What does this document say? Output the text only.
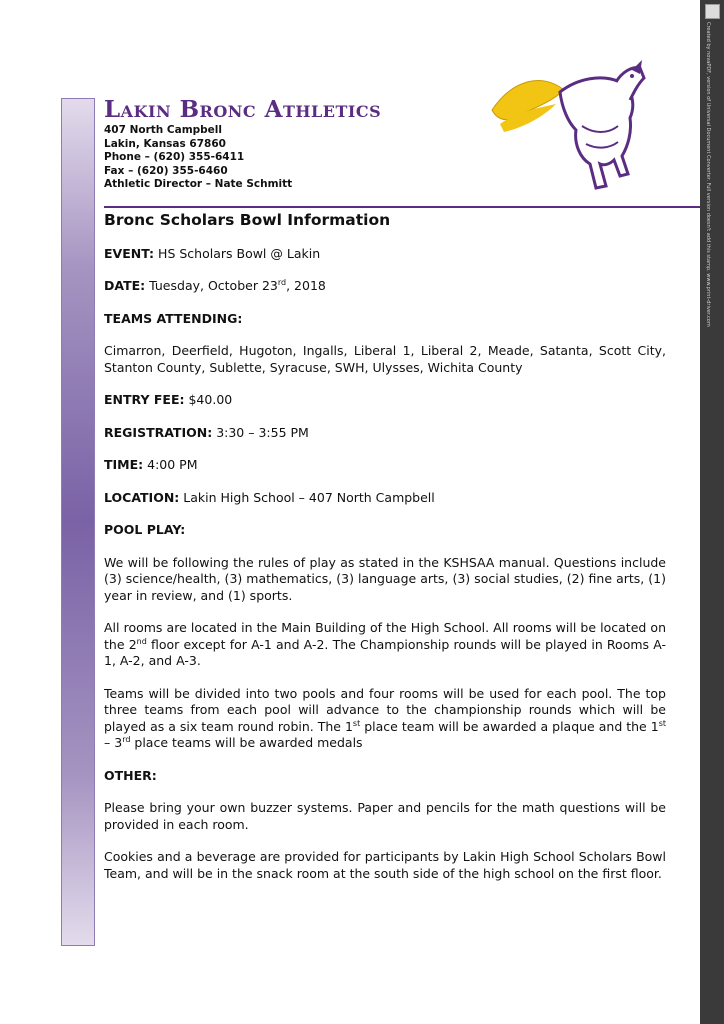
Lakin Bronc Athletics
407 North Campbell
Lakin, Kansas 67860
Phone – (620) 355-6411
Fax – (620) 355-6460
Athletic Director – Nate Schmitt	Created by novaPDF, version of Universal Document Converter. Full version doesn't add this stamp. www.print-driver.com

Bronc Scholars Bowl Information

EVENT: HS Scholars Bowl @ Lakin

DATE: Tuesday, October 23rd, 2018

TEAMS ATTENDING:

Cimarron, Deerfield, Hugoton, Ingalls, Liberal 1, Liberal 2, Meade, Satanta, Scott City, Stanton County, Sublette, Syracuse, SWH, Ulysses, Wichita County

ENTRY FEE: $40.00

REGISTRATION: 3:30 – 3:55 PM

TIME: 4:00 PM

LOCATION: Lakin High School – 407 North Campbell

POOL PLAY:

We will be following the rules of play as stated in the KSHSAA manual. Questions include (3) science/health, (3) mathematics, (3) language arts, (3) social studies, (2) fine arts, (1) year in review, and (1) sports.

All rooms are located in the Main Building of the High School. All rooms will be located on the 2nd floor except for A-1 and A-2. The Championship rounds will be played in Rooms A-1, A-2, and A-3.

Teams will be divided into two pools and four rooms will be used for each pool. The top three teams from each pool will advance to the championship rounds which will be played as a six team round robin. The 1st place team will be awarded a plaque and the 1st – 3rd place teams will be awarded medals

OTHER:

Please bring your own buzzer systems. Paper and pencils for the math questions will be provided in each room.

Cookies and a beverage are provided for participants by Lakin High School Scholars Bowl Team, and will be in the snack room at the south side of the high school on the first floor.
